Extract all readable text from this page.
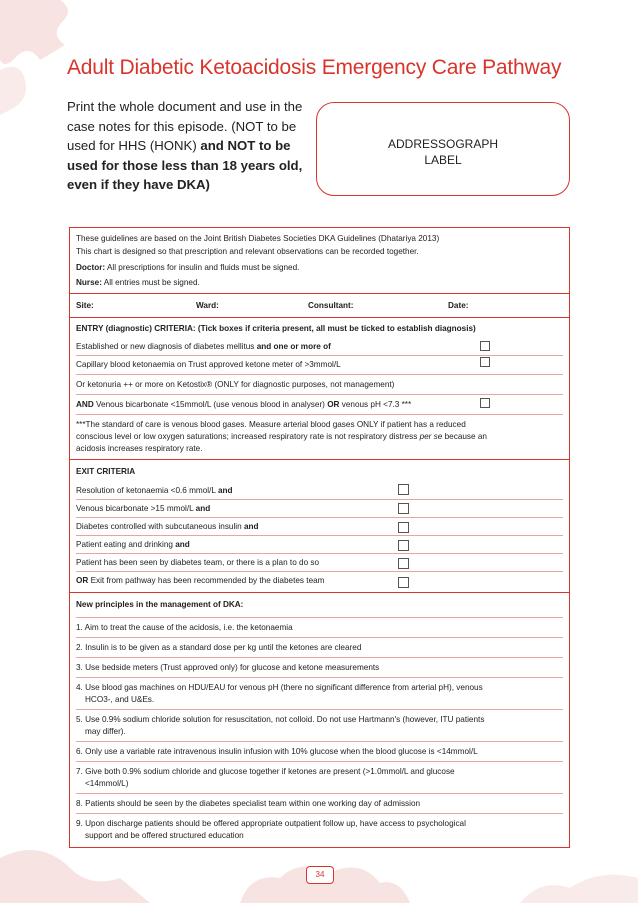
Adult Diabetic Ketoacidosis Emergency Care Pathway
Print the whole document and use in the case notes for this episode. (NOT to be used for HHS (HONK) and NOT to be used for those less than 18 years old, even if they have DKA)
ADDRESSOGRAPH
LABEL
These guidelines are based on the Joint British Diabetes Societies DKA Guidelines (Dhatariya 2013)
This chart is designed so that prescription and relevant observations can be recorded together.
Doctor: All prescriptions for insulin and fluids must be signed.
Nurse: All entries must be signed.
Site:	Ward:	Consultant:	Date:
ENTRY (diagnostic) CRITERIA: (Tick boxes if criteria present, all must be ticked to establish diagnosis)
Established or new diagnosis of diabetes mellitus and one or more of
Capillary blood ketonaemia on Trust approved ketone meter of >3mmol/L
Or ketonuria ++ or more on Ketostix® (ONLY for diagnostic purposes, not management)
AND Venous bicarbonate <15mmol/L (use venous blood in analyser) OR venous pH <7.3 ***
***The standard of care is venous blood gases. Measure arterial blood gases ONLY if patient has a reduced
conscious level or low oxygen saturations; increased respiratory rate is not respiratory distress per se because an
acidosis increases respiratory rate.
EXIT CRITERIA
Resolution of ketonaemia <0.6 mmol/L and
Venous bicarbonate >15 mmol/L and
Diabetes controlled with subcutaneous insulin and
Patient eating and drinking and
Patient has been seen by diabetes team, or there is a plan to do so
OR Exit from pathway has been recommended by the diabetes team
New principles in the management of DKA:
1. Aim to treat the cause of the acidosis, i.e. the ketonaemia
2. Insulin is to be given as a standard dose per kg until the ketones are cleared
3. Use bedside meters (Trust approved only) for glucose and ketone measurements
4. Use blood gas machines on HDU/EAU for venous pH (there no significant difference from arterial pH), venous
HCO3-, and U&Es.
5. Use 0.9% sodium chloride solution for resuscitation, not colloid. Do not use Hartmann's (however, ITU patients
may differ).
6. Only use a variable rate intravenous insulin infusion with 10% glucose when the blood glucose is <14mmol/L
7. Give both 0.9% sodium chloride and glucose together if ketones are present (>1.0mmol/L and glucose
<14mmol/L)
8. Patients should be seen by the diabetes specialist team within one working day of admission
9. Upon discharge patients should be offered appropriate outpatient follow up, have access to psychological
support and be offered structured education
34
